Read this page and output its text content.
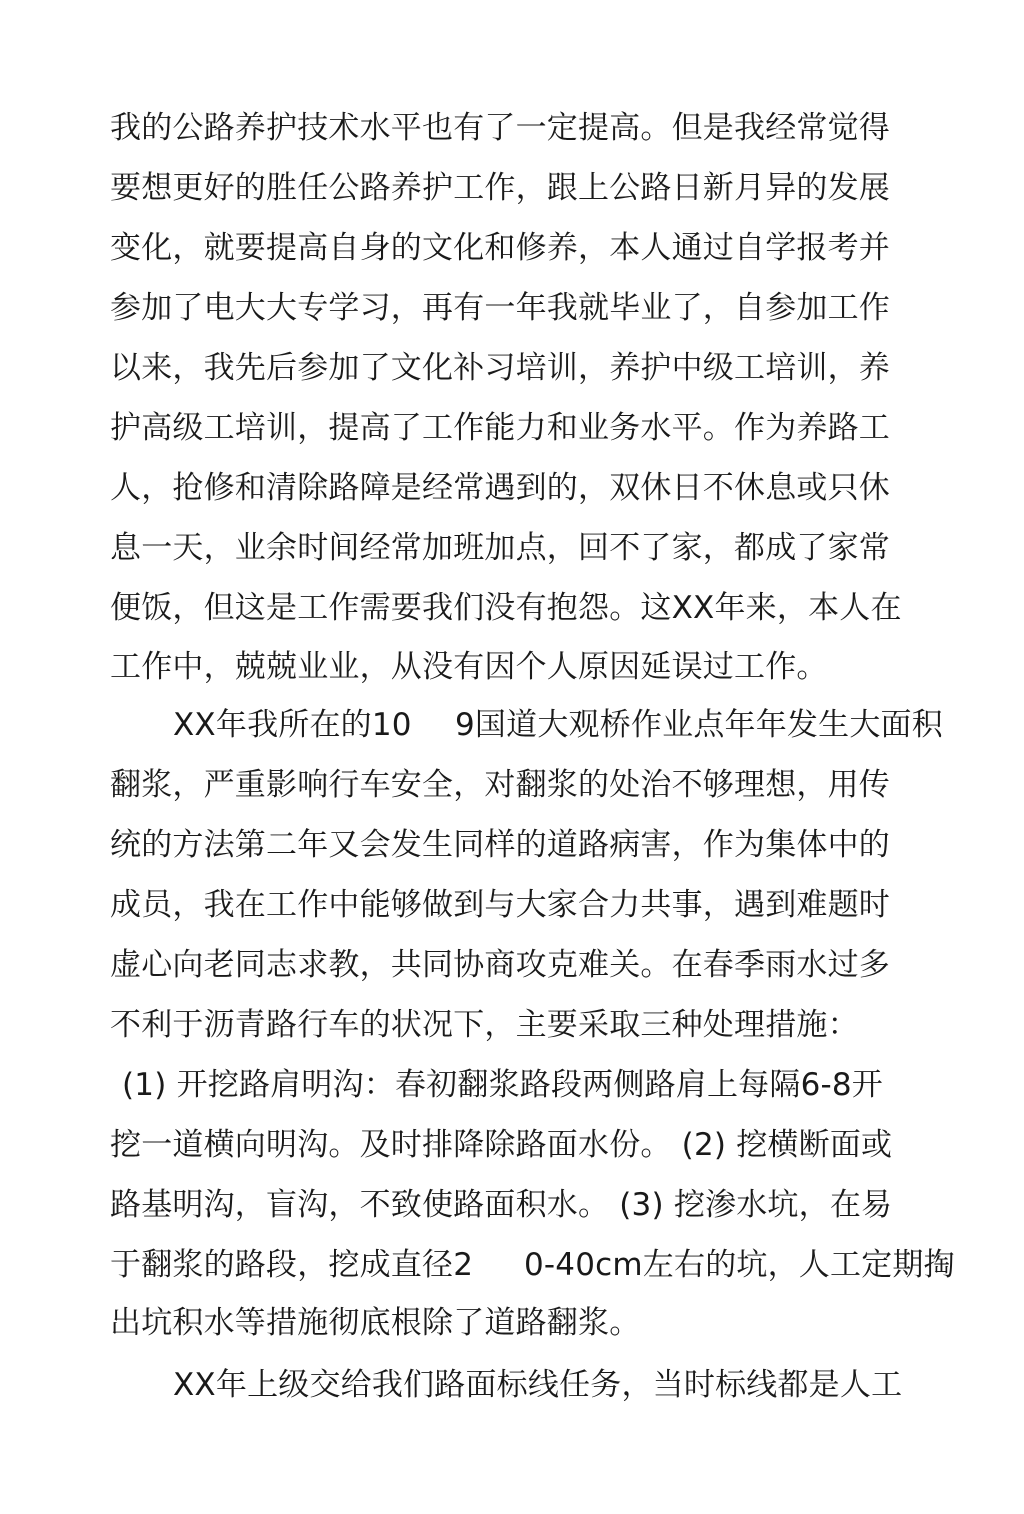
我的公路养护技术水平也有了一定提高。但是我经常觉得
要想更好的胜任公路养护工作，跟上公路日新月异的发展
变化，就要提高自身的文化和修养，本人通过自学报考并
参加了电大大专学习，再有一年我就毕业了，自参加工作
以来，我先后参加了文化补习培训，养护中级工培训，养
护高级工培训，提高了工作能力和业务水平。作为养路工
人，抢修和清除路障是经常遇到的，双休日不休息或只休
息一天，业余时间经常加班加点，回不了家，都成了家常
便饭，但这是工作需要我们没有抱怨。这XX年来，本人在
工作中，兢兢业业，从没有因个人原因延误过工作。
XX年我所在的10 9国道大观桥作业点年年发生大面积
翻浆，严重影响行车安全，对翻浆的处治不够理想，用传
统的方法第二年又会发生同样的道路病害，作为集体中的
成员，我在工作中能够做到与大家合力共事，遇到难题时
虚心向老同志求教，共同协商攻克难关。在春季雨水过多
不利于沥青路行车的状况下，主要采取三种处理措施：
(1) 开挖路肩明沟：春初翻浆路段两侧路肩上每隔6-8开
挖一道横向明沟。及时排降除路面水份。 (2) 挖横断面或
路基明沟，盲沟，不致使路面积水。 (3) 挖渗水坑，在易
于翻浆的路段，挖成直径2 0-40cm左右的坑，人工定期掏
出坑积水等措施彻底根除了道路翻浆。
XX年上级交给我们路面标线任务，当时标线都是人工
